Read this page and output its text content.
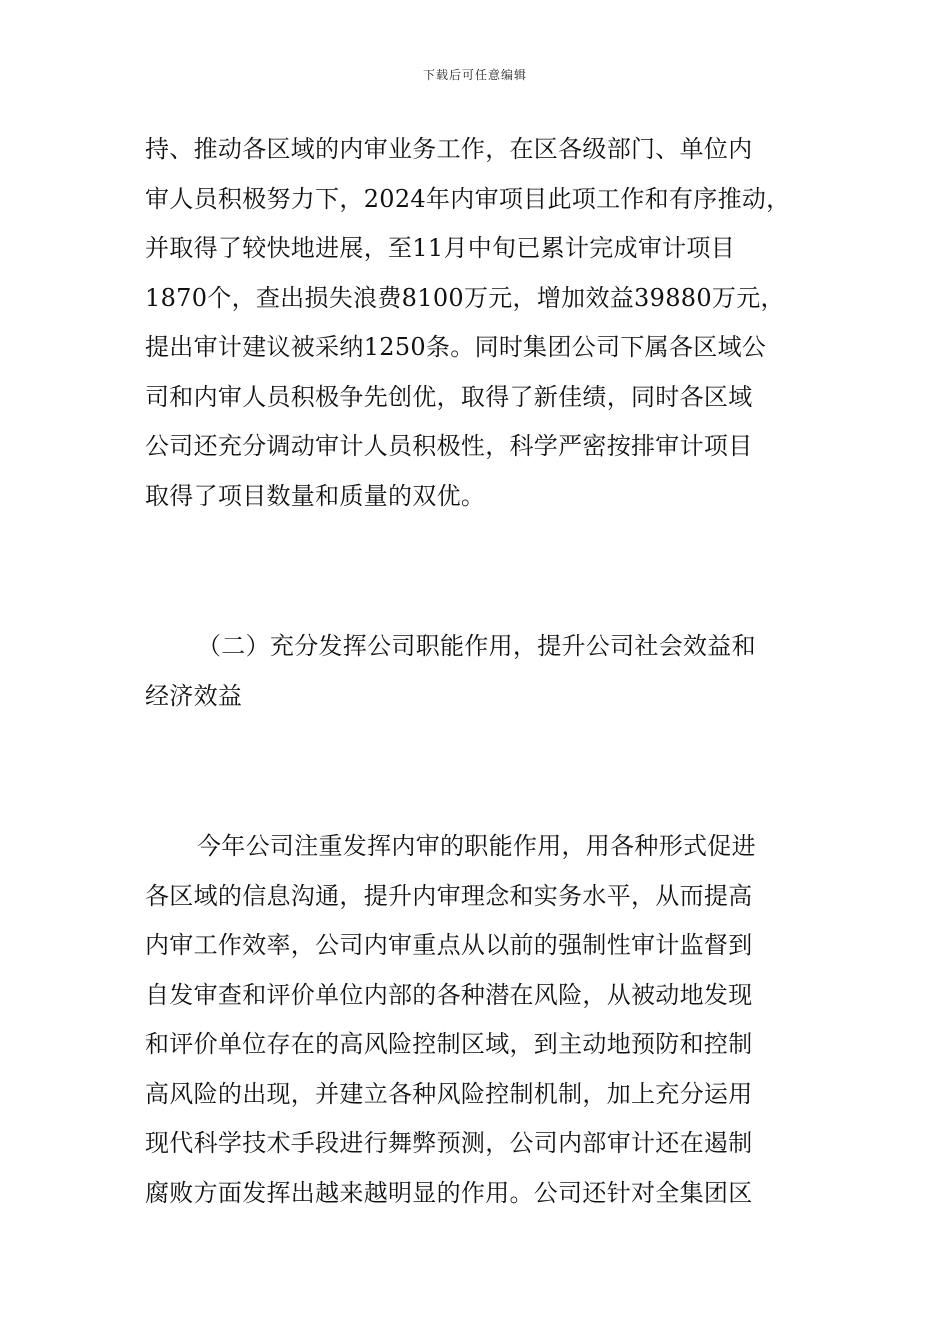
下载后可任意编辑
持、推动各区域的内审业务工作，在区各级部门、单位内
审人员积极努力下，2024年内审项目此项工作和有序推动，
并取得了较快地进展，至11月中旬已累计完成审计项目
1870个，查出损失浪费8100万元，增加效益39880万元，
提出审计建议被采纳1250条。同时集团公司下属各区域公
司和内审人员积极争先创优，取得了新佳绩，同时各区域
公司还充分调动审计人员积极性，科学严密按排审计项目
取得了项目数量和质量的双优。
（二）充分发挥公司职能作用，提升公司社会效益和
经济效益
今年公司注重发挥内审的职能作用，用各种形式促进
各区域的信息沟通，提升内审理念和实务水平，从而提高
内审工作效率，公司内审重点从以前的强制性审计监督到
自发审查和评价单位内部的各种潜在风险，从被动地发现
和评价单位存在的高风险控制区域，到主动地预防和控制
高风险的出现，并建立各种风险控制机制，加上充分运用
现代科学技术手段进行舞弊预测，公司内部审计还在遏制
腐败方面发挥出越来越明显的作用。公司还针对全集团区
